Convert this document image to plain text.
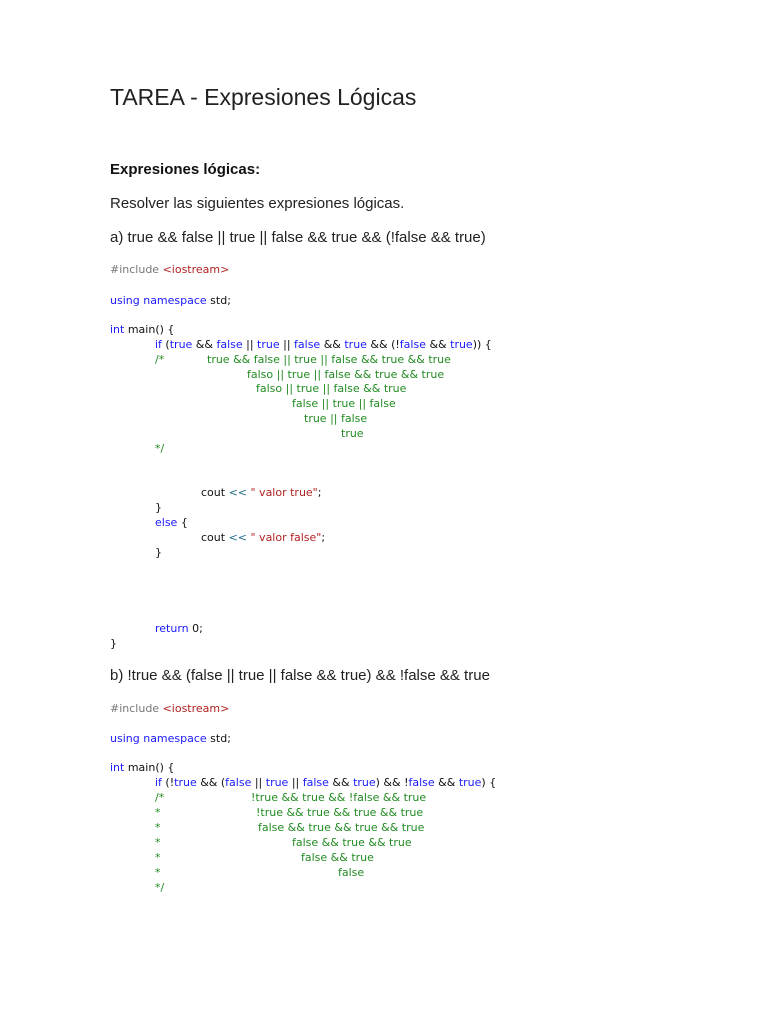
TAREA - Expresiones Lógicas
Expresiones lógicas:
Resolver las siguientes expresiones lógicas.
a) true && false || true || false && true && (!false && true)
#include <iostream>
using namespace std;
int main() {
if (true && false || true || false && true && (!false && true)) {
/*	true && false || true || false && true && true
falso || true || false && true && true
falso || true || false && true
false || true || false
true || false
true
*/
cout << " valor true";
}
else {
cout << " valor false";
}
return 0;
}
b) !true && (false || true || false && true) && !false && true
#include <iostream>
using namespace std;
int main() {
if (!true && (false || true || false && true) && !false && true) {
/*	!true && true && !false && true
*	!true && true && true && true
*	false && true && true && true
*	false && true && true
*	false && true
*	false
*/
